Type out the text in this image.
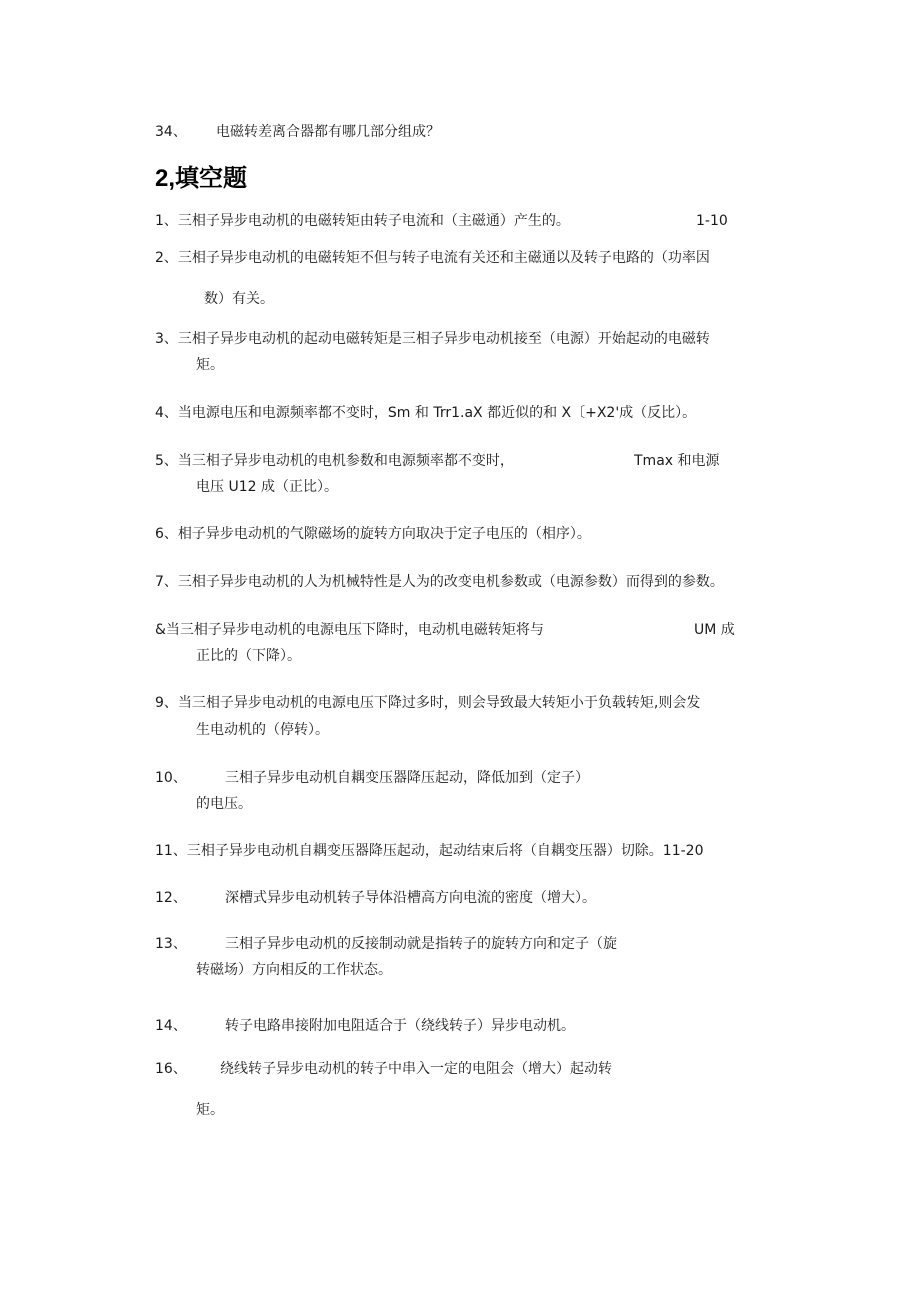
34、 电磁转差离合器都有哪几部分组成？
2,填空题
1、三相子异步电动机的电磁转矩由转子电流和（主磁通）产生的。	1-10
2、三相子异步电动机的电磁转矩不但与转子电流有关还和主磁通以及转子电路的（功率因
数）有关。
3、三相子异步电动机的起动电磁转矩是三相子异步电动机接至（电源）开始起动的电磁转
矩。
4、当电源电压和电源频率都不变时，Sm 和 Trr1.aX 都近似的和 X〔+X2'成（反比）。
5、当三相子异步电动机的电机参数和电源频率都不变时，	Tmax 和电源
电压 U12 成（正比）。
6、相子异步电动机的气隙磁场的旋转方向取决于定子电压的（相序）。
7、三相子异步电动机的人为机械特性是人为的改变电机参数或（电源参数）而得到的参数。
&当三相子异步电动机的电源电压下降时，电动机电磁转矩将与	UM 成
正比的（下降）。
9、当三相子异步电动机的电源电压下降过多时，则会导致最大转矩小于负载转矩,则会发
生电动机的（停转）。
10、	三相子异步电动机自耦变压器降压起动，降低加到（定子）
的电压。
11、三相子异步电动机自耦变压器降压起动，起动结束后将（自耦变压器）切除。11-20
12、	深槽式异步电动机转子导体沿槽高方向电流的密度（增大）。
13、	三相子异步电动机的反接制动就是指转子的旋转方向和定子（旋
转磁场）方向相反的工作状态。
14、	转子电路串接附加电阻适合于（绕线转子）异步电动机。
16、 绕线转子异步电动机的转子中串入一定的电阻会（增大）起动转
矩。
